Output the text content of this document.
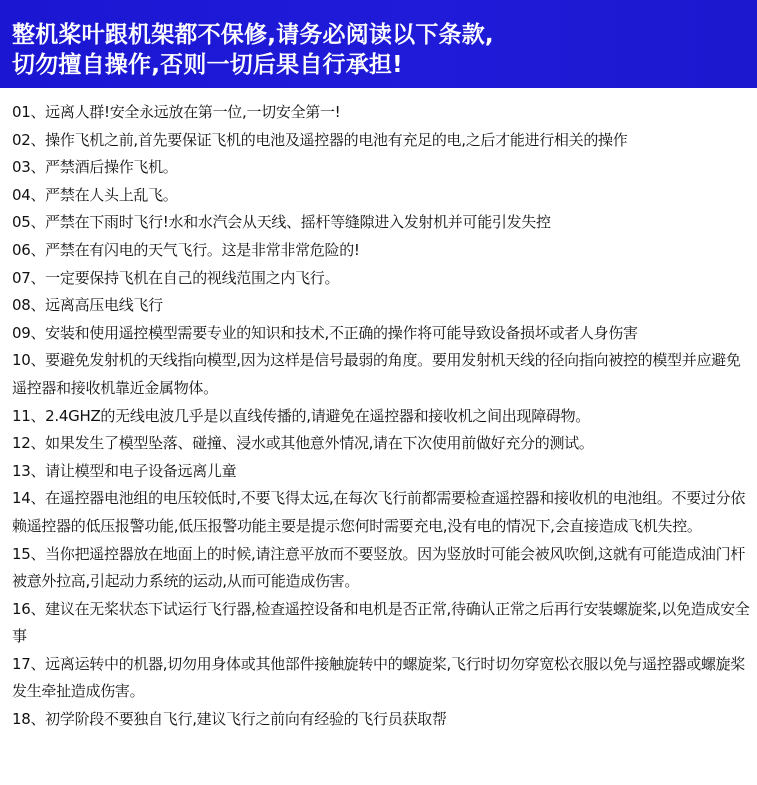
整机桨叶跟机架都不保修,请务必阅读以下条款,
切勿擅自操作,否则一切后果自行承担!
01、远离人群!安全永远放在第一位,一切安全第一!
02、操作飞机之前,首先要保证飞机的电池及遥控器的电池有充足的电,之后才能进行相关的操作
03、严禁酒后操作飞机。
04、严禁在人头上乱飞。
05、严禁在下雨时飞行!水和水汽会从天线、摇杆等缝隙进入发射机并可能引发失控
06、严禁在有闪电的天气飞行。这是非常非常危险的!
07、一定要保持飞机在自己的视线范围之内飞行。
08、远离高压电线飞行
09、安装和使用遥控模型需要专业的知识和技术,不正确的操作将可能导致设备损坏或者人身伤害
10、要避免发射机的天线指向模型,因为这样是信号最弱的角度。要用发射机天线的径向指向被控的模型并应避免遥控器和接收机靠近金属物体。
11、2.4GHZ的无线电波几乎是以直线传播的,请避免在遥控器和接收机之间出现障碍物。
12、如果发生了模型坠落、碰撞、浸水或其他意外情况,请在下次使用前做好充分的测试。
13、请让模型和电子设备远离儿童
14、在遥控器电池组的电压较低时,不要飞得太远,在每次飞行前都需要检查遥控器和接收机的电池组。不要过分依赖遥控器的低压报警功能,低压报警功能主要是提示您何时需要充电,没有电的情况下,会直接造成飞机失控。
15、当你把遥控器放在地面上的时候,请注意平放而不要竖放。因为竖放时可能会被风吹倒,这就有可能造成油门杆被意外拉高,引起动力系统的运动,从而可能造成伤害。
16、建议在无桨状态下试运行飞行器,检查遥控设备和电机是否正常,待确认正常之后再行安装螺旋桨,以免造成安全事
17、远离运转中的机器,切勿用身体或其他部件接触旋转中的螺旋桨,飞行时切勿穿宽松衣服以免与遥控器或螺旋桨发生牵扯造成伤害。
18、初学阶段不要独自飞行,建议飞行之前向有经验的飞行员获取帮
